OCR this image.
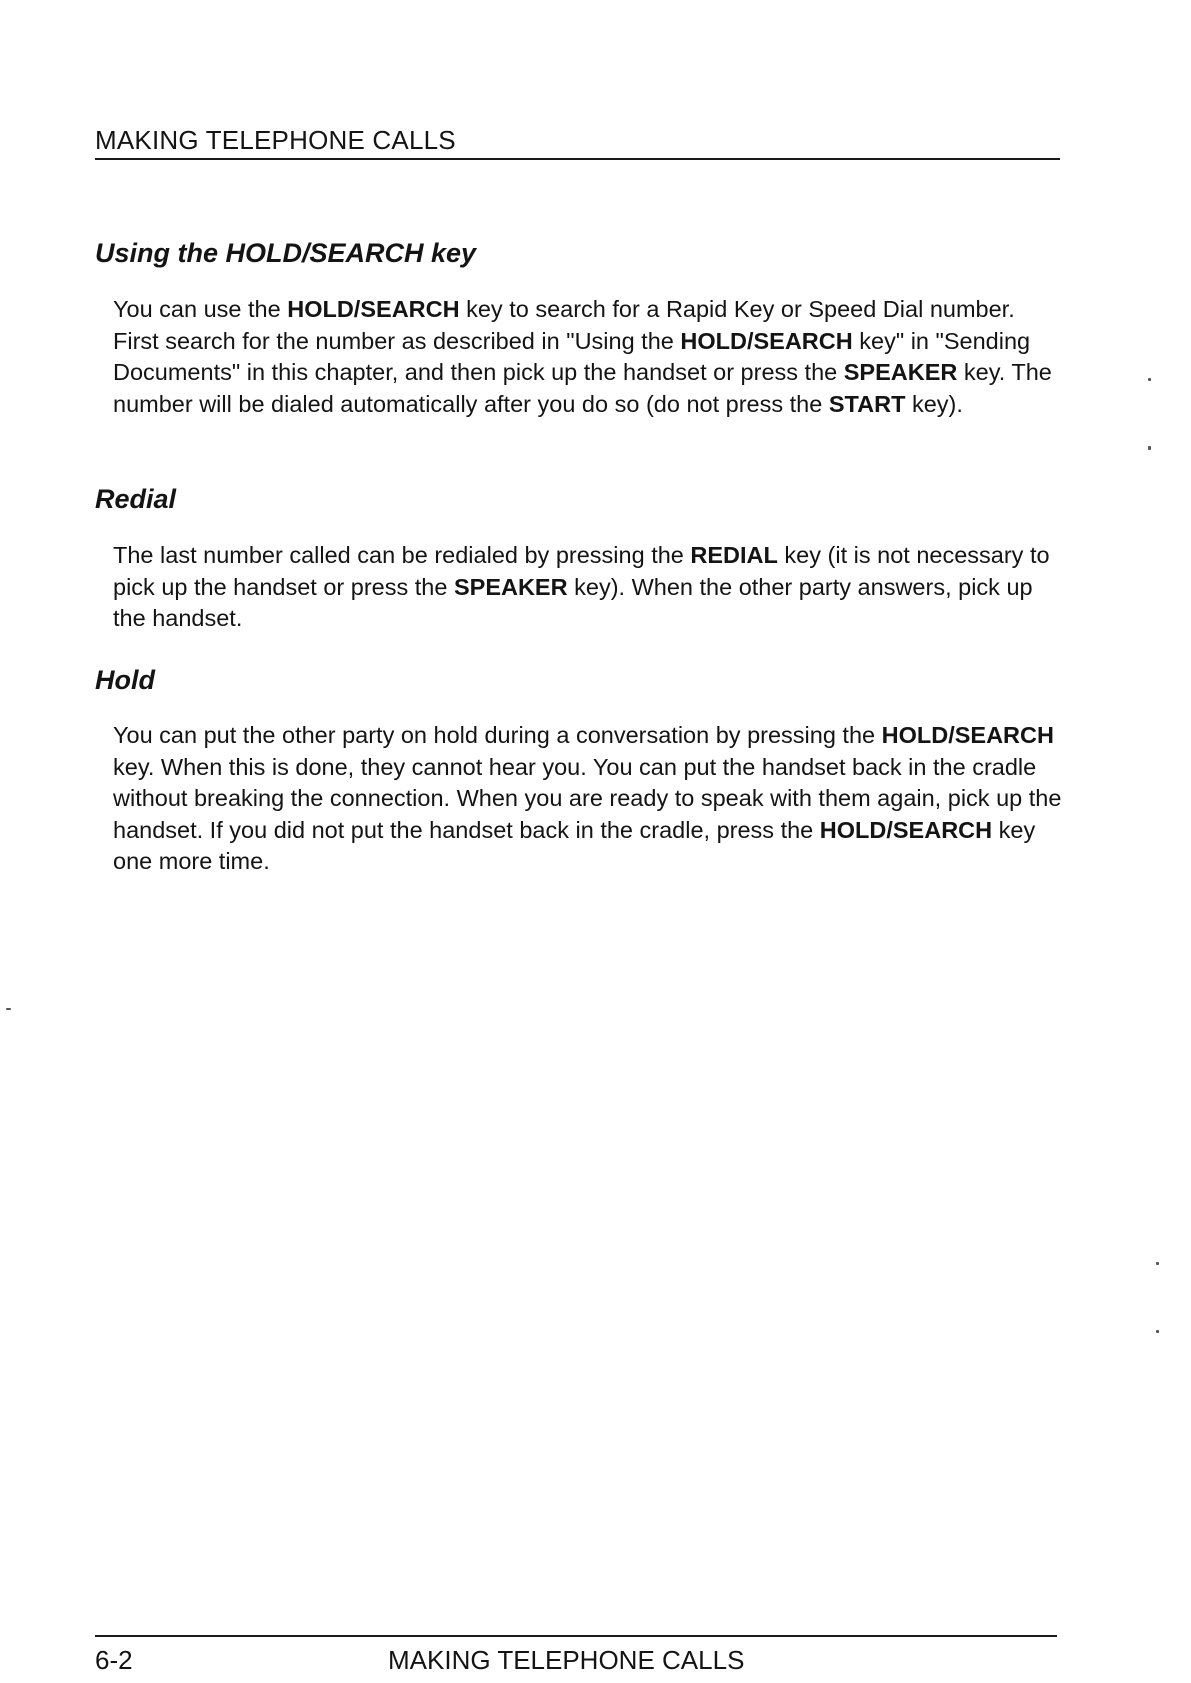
MAKING TELEPHONE CALLS
Using the HOLD/SEARCH key

You can use the HOLD/SEARCH key to search for a Rapid Key or Speed Dial number. First search for the number as described in "Using the HOLD/SEARCH key" in "Sending Documents" in this chapter, and then pick up the handset or press the SPEAKER key. The number will be dialed automatically after you do so (do not press the START key).

Redial

The last number called can be redialed by pressing the REDIAL key (it is not necessary to pick up the handset or press the SPEAKER key). When the other party answers, pick up the handset.

Hold

You can put the other party on hold during a conversation by pressing the HOLD/SEARCH key. When this is done, they cannot hear you. You can put the handset back in the cradle without breaking the connection. When you are ready to speak with them again, pick up the handset. If you did not put the handset back in the cradle, press the HOLD/SEARCH key one more time.

6-2	MAKING TELEPHONE CALLS
